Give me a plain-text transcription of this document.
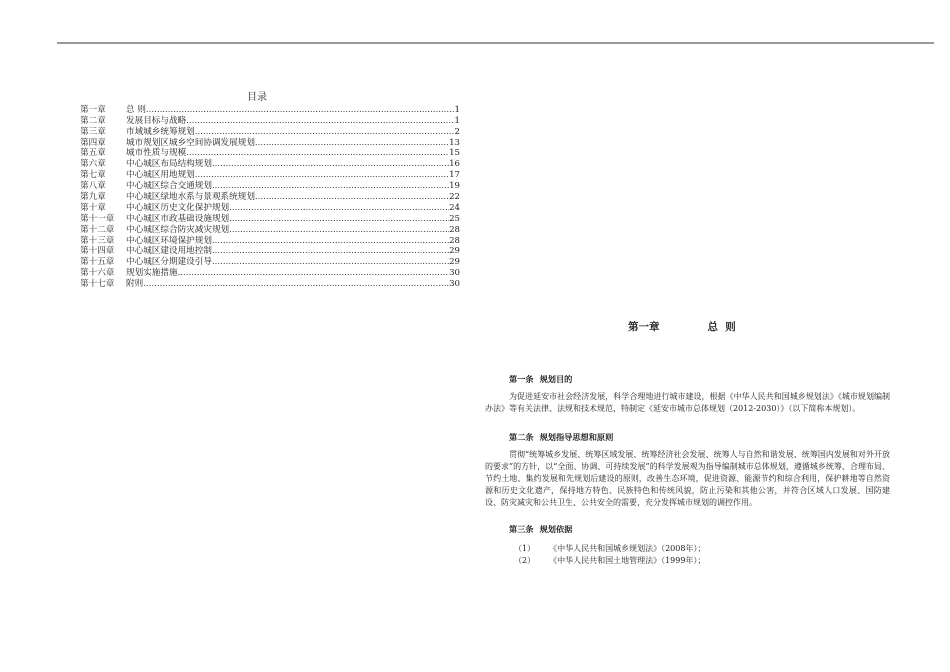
目录
第一章	总 则 .....	1
第二章	发展目标与战略 .....	1
第三章	市域城乡统筹规划 .....	2
第四章	城市规划区城乡空间协调发展规划 .....	13
第五章	城市性质与规模 .....	15
第六章	中心城区布局结构规划 .....	16
第七章	中心城区用地规划 .....	17
第八章	中心城区综合交通规划 .....	19
第九章	中心城区绿地水系与景观系统规划 .....	22
第十章	中心城区历史文化保护规划 .....	24
第十一章	中心城区市政基础设施规划 .....	25
第十二章	中心城区综合防灾减灾规划 .....	28
第十三章	中心城区环境保护规划 .....	28
第十四章	中心城区建设用地控制 .....	29
第十五章	中心城区分期建设引导 .....	29
第十六章	规划实施措施 .....	30
第十七章	附则 .....	30
第一章	总  则
第一条 规划目的

为促进延安市社会经济发展，科学合理地进行城市建设，根据《中华人民共和国城乡规划法》《城市规划编制办法》等有关法律、法规和技术规范，特制定《延安市城市总体规划（2012-2030）》（以下简称本规划）。

第二条 规划指导思想和原则

贯彻“统筹城乡发展、统筹区域发展、统筹经济社会发展、统筹人与自然和谐发展、统筹国内发展和对外开放的要求”的方针，以“全面、协调、可持续发展”的科学发展观为指导编制城市总体规划，遵循城乡统筹、合理布局、节约土地、集约发展和先规划后建设的原则，改善生态环境，促进资源、能源节约和综合利用，保护耕地等自然资源和历史文化遗产，保持地方特色、民族特色和传统风貌，防止污染和其他公害，并符合区域人口发展、国防建设、防灾减灾和公共卫生、公共安全的需要，充分发挥城市规划的调控作用。

第三条 规划依据
（1） 《中华人民共和国城乡规划法》（2008年）；
（2） 《中华人民共和国土地管理法》（1999年）；
